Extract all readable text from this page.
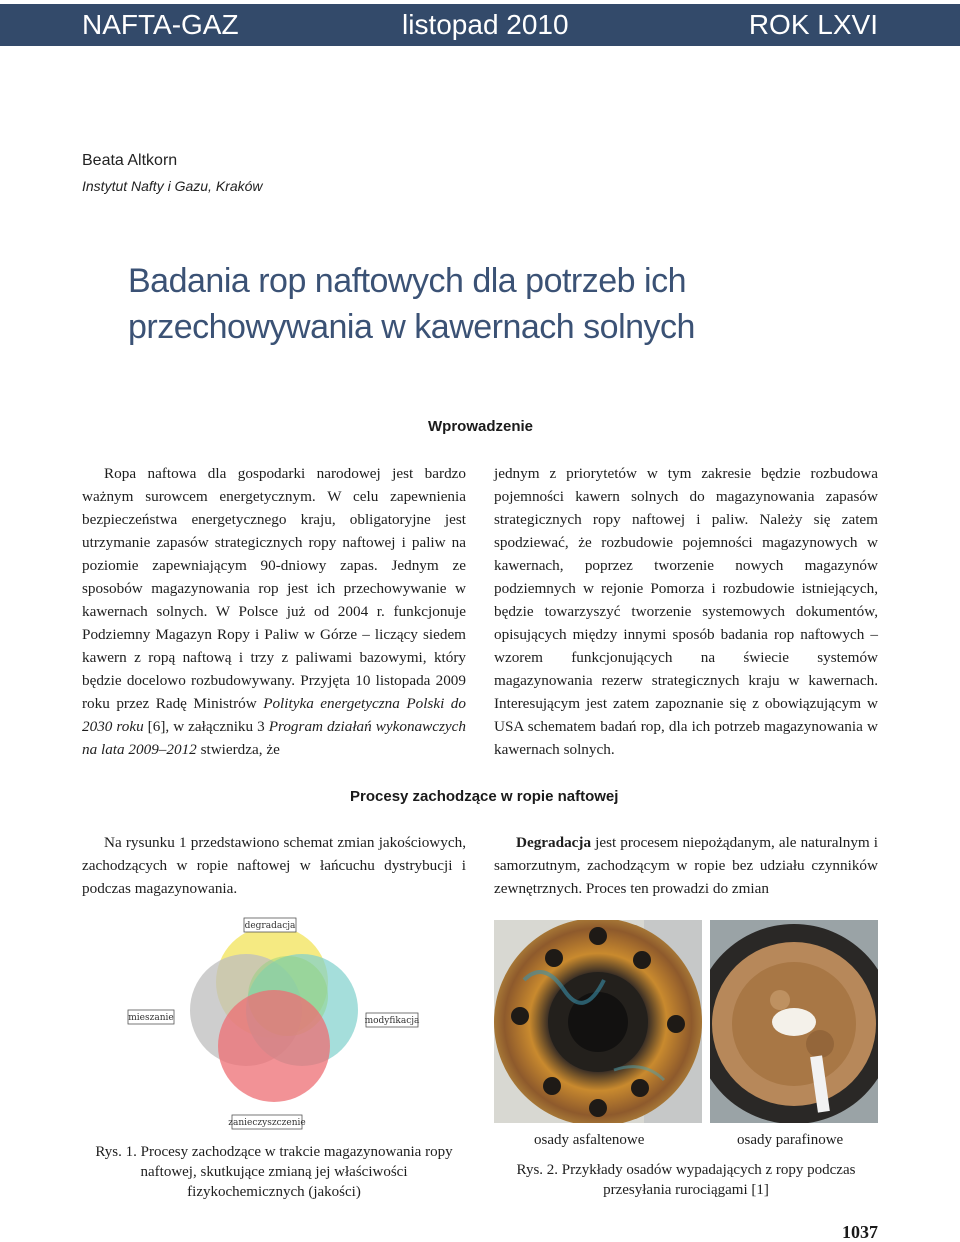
NAFTA-GAZ	listopad 2010	ROK LXVI
Beata Altkorn
Instytut Nafty i Gazu, Kraków
Badania rop naftowych dla potrzeb ich
przechowywania w kawernach solnych
Wprowadzenie

Ropa naftowa dla gospodarki narodowej jest bardzo ważnym surowcem energetycznym. W celu zapewnienia bezpieczeństwa energetycznego kraju, obligatoryjne jest utrzymanie zapasów strategicznych ropy naftowej i paliw na poziomie zapewniającym 90-dniowy zapas. Jednym ze sposobów magazynowania rop jest ich przechowywanie w kawernach solnych. W Polsce już od 2004 r. funkcjonuje Podziemny Magazyn Ropy i Paliw w Górze – liczący siedem kawern z ropą naftową i trzy z paliwami bazowymi, który będzie docelowo rozbudowywany. Przyjęta 10 listopada 2009 roku przez Radę Ministrów Polityka energetyczna Polski do 2030 roku [6], w załączniku 3 Program działań wykonawczych na lata 2009–2012 stwierdza, że

jednym z priorytetów w tym zakresie będzie rozbudowa pojemności kawern solnych do magazynowania zapasów strategicznych ropy naftowej i paliw. Należy się zatem spodziewać, że rozbudowie pojemności magazynowych w kawernach, poprzez tworzenie nowych magazynów podziemnych w rejonie Pomorza i rozbudowie istniejących, będzie towarzyszyć tworzenie systemowych dokumentów, opisujących między innymi sposób badania rop naftowych – wzorem funkcjonujących na świecie systemów magazynowania rezerw strategicznych kraju w kawernach. Interesującym jest zatem zapoznanie się z obowiązującym w USA schematem badań rop, dla ich potrzeb magazynowania w kawernach solnych.

Procesy zachodzące w ropie naftowej

Na rysunku 1 przedstawiono schemat zmian jakościowych, zachodzących w ropie naftowej w łańcuchu dystrybucji i podczas magazynowania.

Degradacja jest procesem niepożądanym, ale naturalnym i samorzutnym, zachodzącym w ropie bez udziału czynników zewnętrznych. Proces ten prowadzi do zmian

degradacja
mieszanie	modyfikacja
zanieczyszczenie
Rys. 1. Procesy zachodzące w trakcie magazynowania ropy naftowej, skutkujące zmianą jej właściwości fizykochemicznych (jakości)
osady asfaltenowe	osady parafinowe
Rys. 2. Przykłady osadów wypadających z ropy podczas przesyłania rurociągami [1]
1037
